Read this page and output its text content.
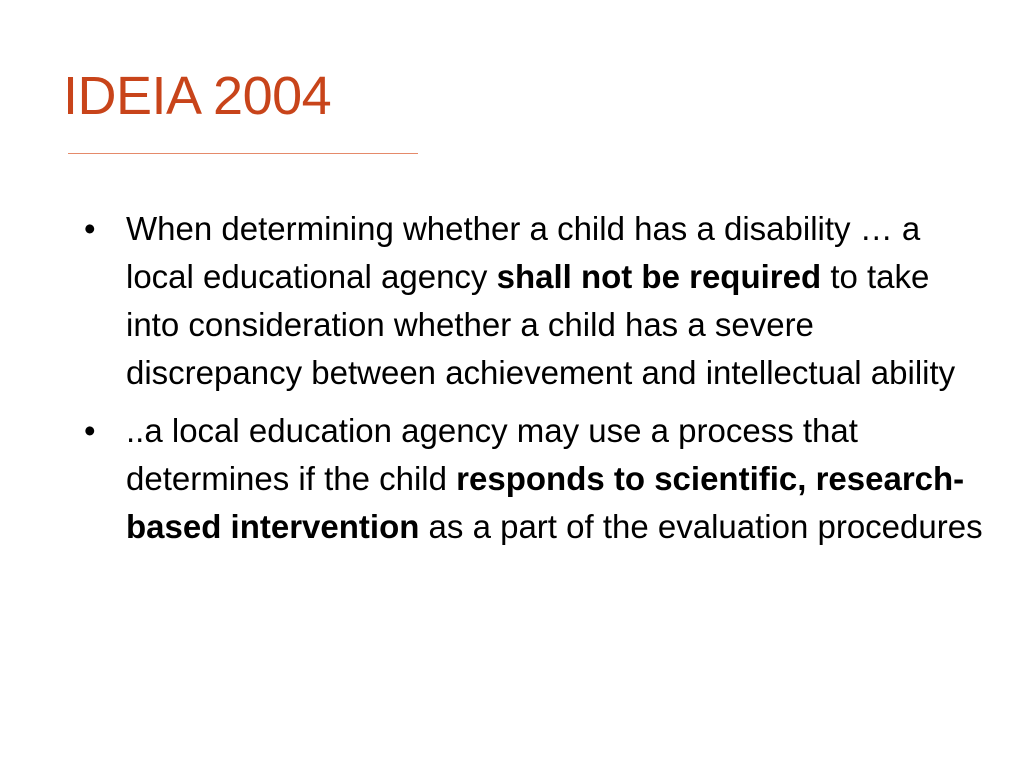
IDEIA 2004
• When determining whether a child has a disability … a local educational agency shall not be required to take into consideration whether a child has a severe discrepancy between achievement and intellectual ability
• ..a local education agency may use a process that determines if the child responds to scientific, research-based intervention as a part of the evaluation procedures
